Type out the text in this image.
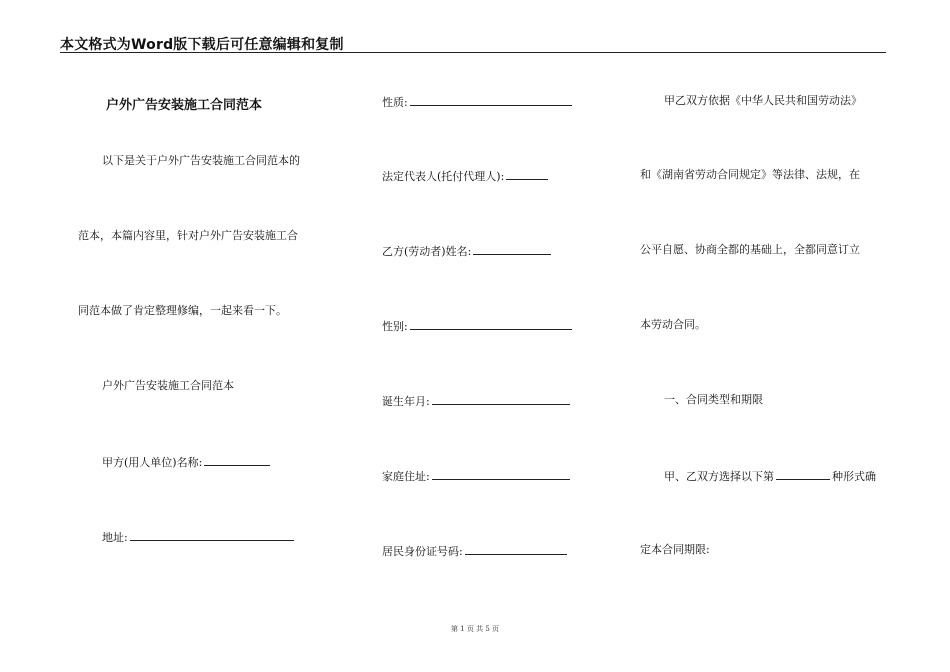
本文格式为Word版下载后可任意编辑和复制
户外广告安装施工合同范本
以下是关于户外广告安装施工合同范本的
范本，本篇内容里，针对户外广告安装施工合
同范本做了肯定整理修编，一起来看一下。
户外广告安装施工合同范本
甲方(用人单位)名称:
地址:
性质:
法定代表人(托付代理人):
乙方(劳动者)姓名:
性别:
诞生年月:
家庭住址:
居民身份证号码:
甲乙双方依据《中华人民共和国劳动法》
和《湖南省劳动合同规定》等法律、法规，在
公平自愿、协商全都的基础上，全都同意订立
本劳动合同。
一、合同类型和期限
甲、乙双方选择以下第	种形式确
定本合同期限:
第 1 页 共 5 页
